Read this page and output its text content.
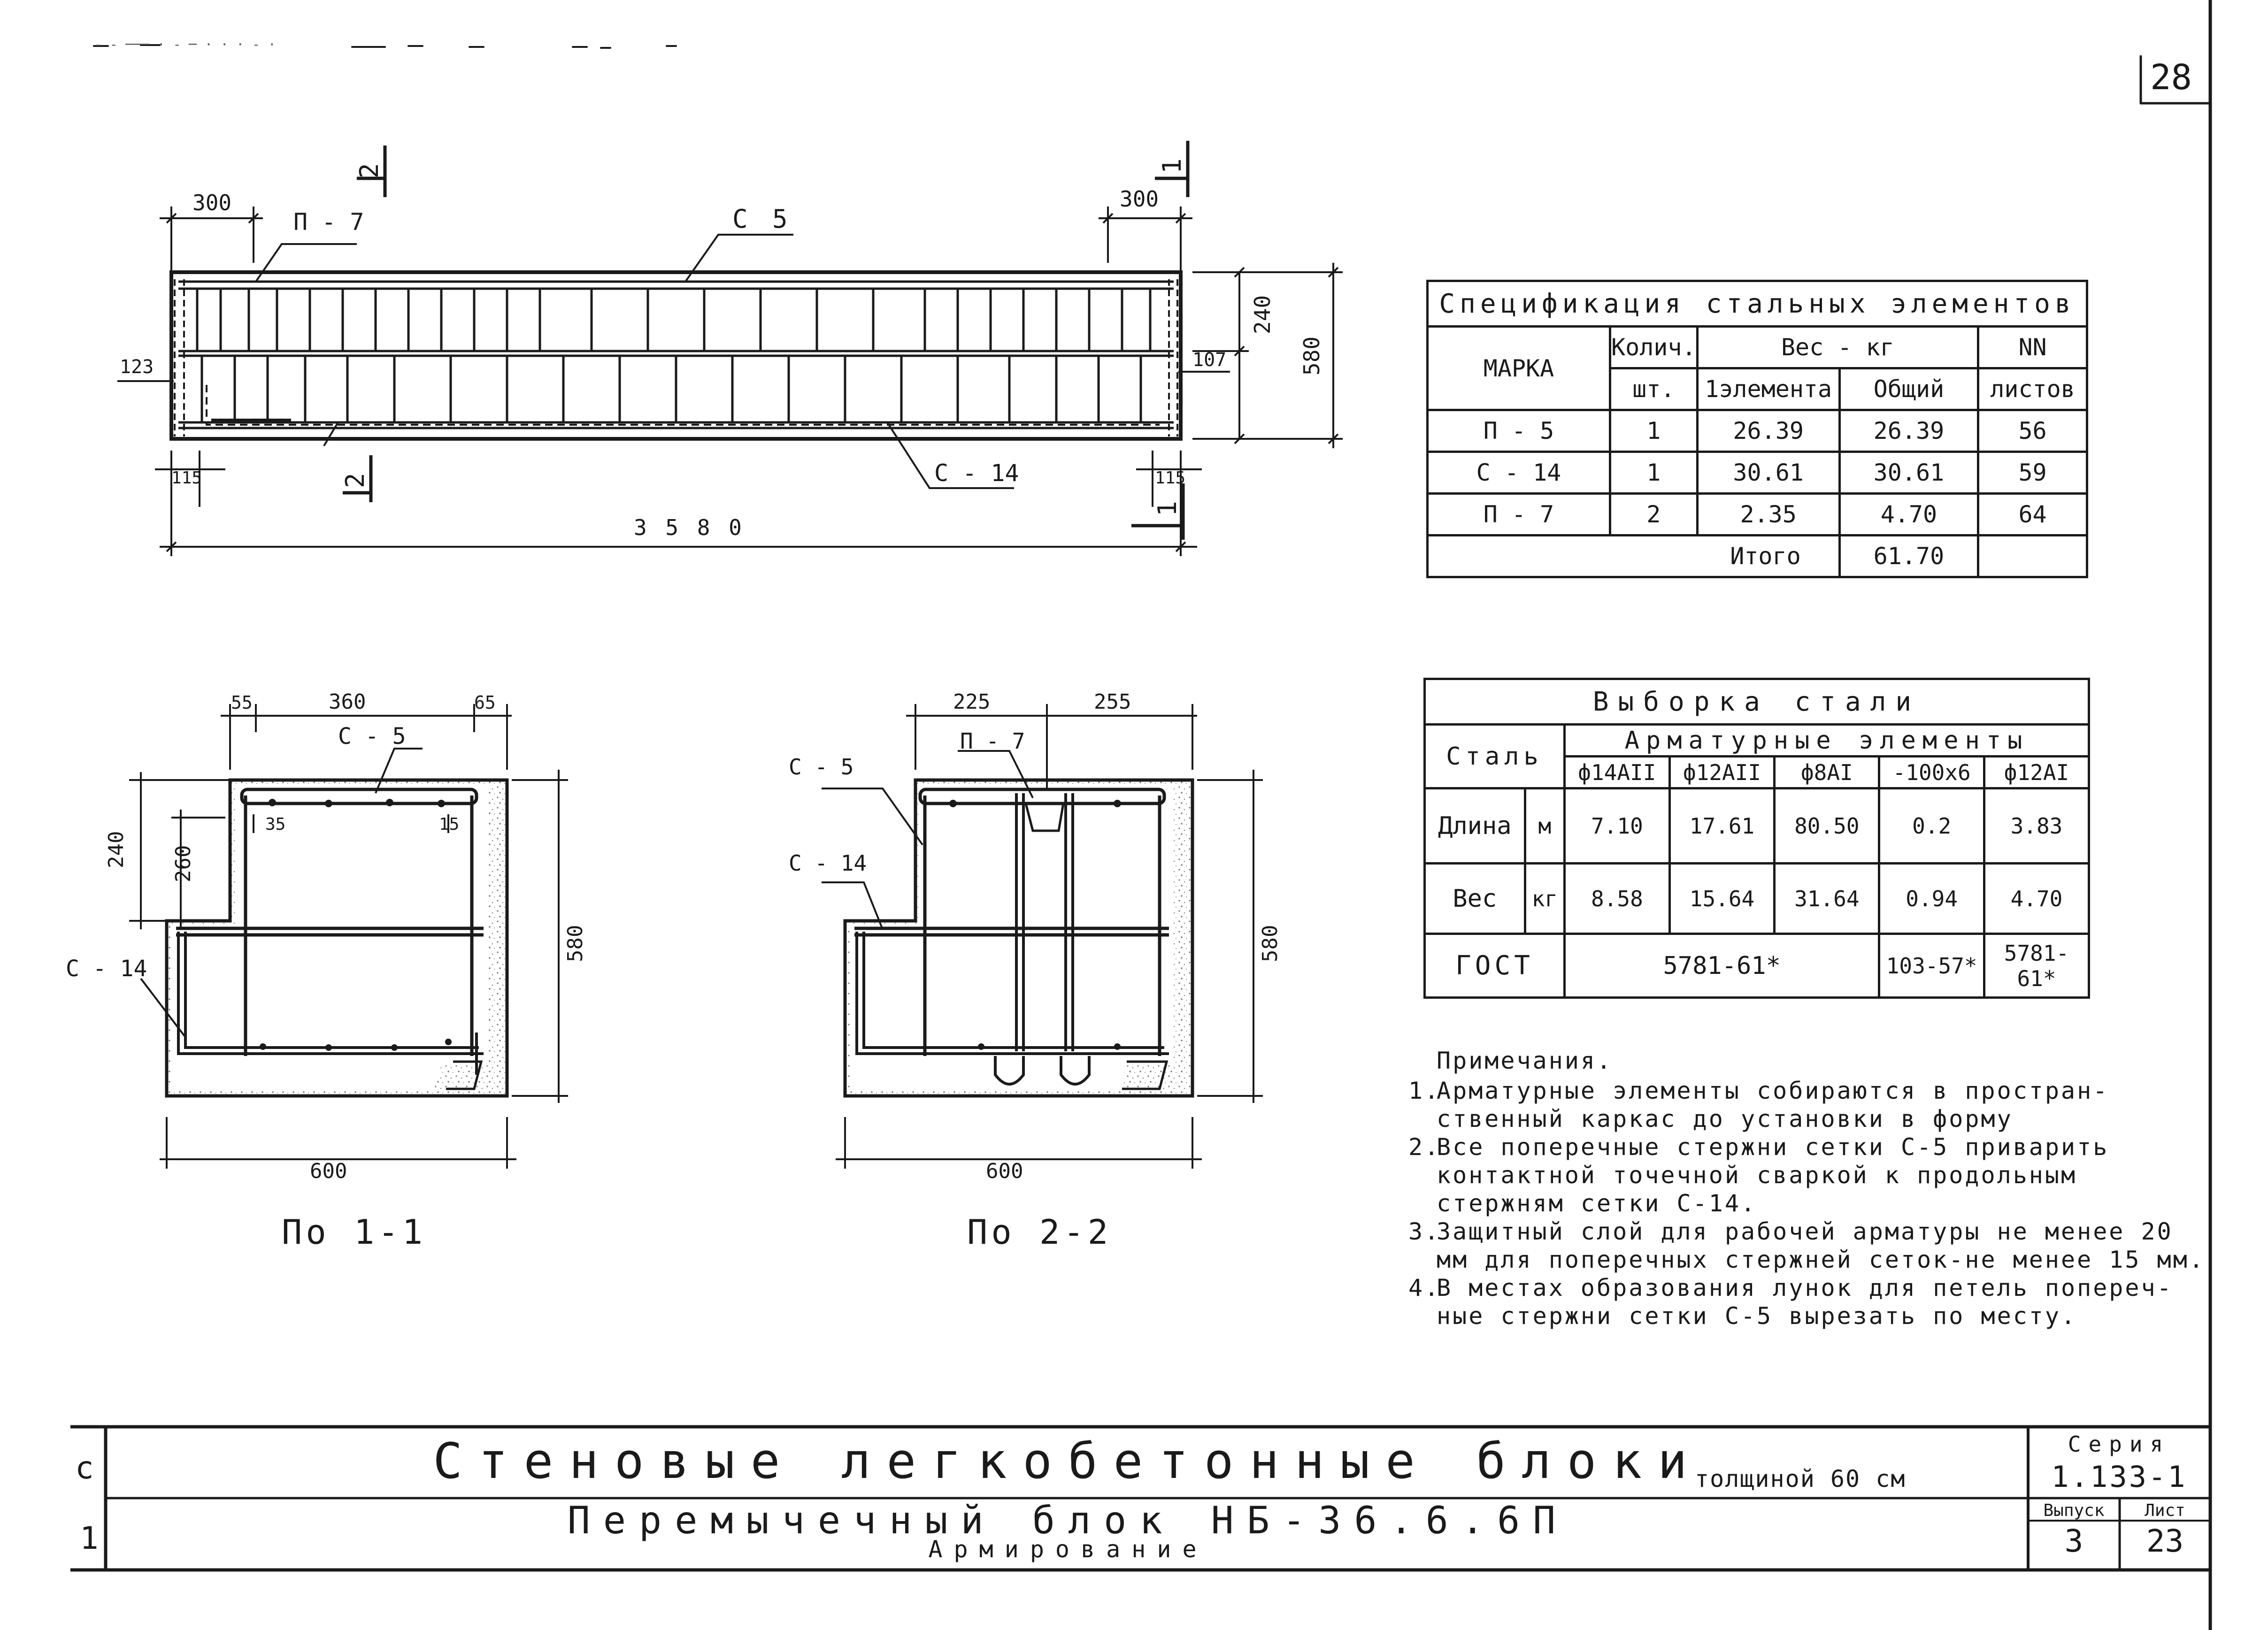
300	300
П - 7	С 5
С - 14
123	107
115	115
3 5 8 0
240
580
2	1
2
1
55	360	65
С - 5
35	15
240 260
580
С - 14
600
По 1-1
225	255
С - 5
П - 7
С - 14
580
600
По 2-2
28
- - ─── · - ─ · · · - ·
с
1
Спецификация стальных элементов				
МАРКА	Колич.	Вес - кг		NN
	шт.	1элемента	Общий	листов
П - 5	1	26.39	26.39	56
С - 14	1	30.61	30.61	59
П - 7	2	2.35	4.70	64
Итого			61.70	
Выборка стали						
Сталь		Арматурные элементы				
		ф14АII	ф12АII	ф8АI	-100х6	ф12АI
Длина	м	7.10	17.61	80.50	0.2	3.83
Вес	кг	8.58	15.64	31.64	0.94	4.70
ГОСТ		5781-61*			103-57*	5781-61*
Примечания.
1.
Арматурные элементы собираются в простран- ственный каркас до установки в форму
2.
Все поперечные стержни сетки С-5 приварить контактной точечной сваркой к продольным стержням сетки С-14.
3.
Защитный слой для рабочей арматуры не менее 20 мм для поперечных стержней сеток-не менее 15 мм.
4.
В местах образования лунок для петель попереч- ные стержни сетки С-5 вырезать по месту.
Стеновые легкобетонные блоки
толщиной 60 см
Перемычечный блок НБ-36.6.6П
Армирование
Серия
1.133-1
Выпуск	Лист
3	23
